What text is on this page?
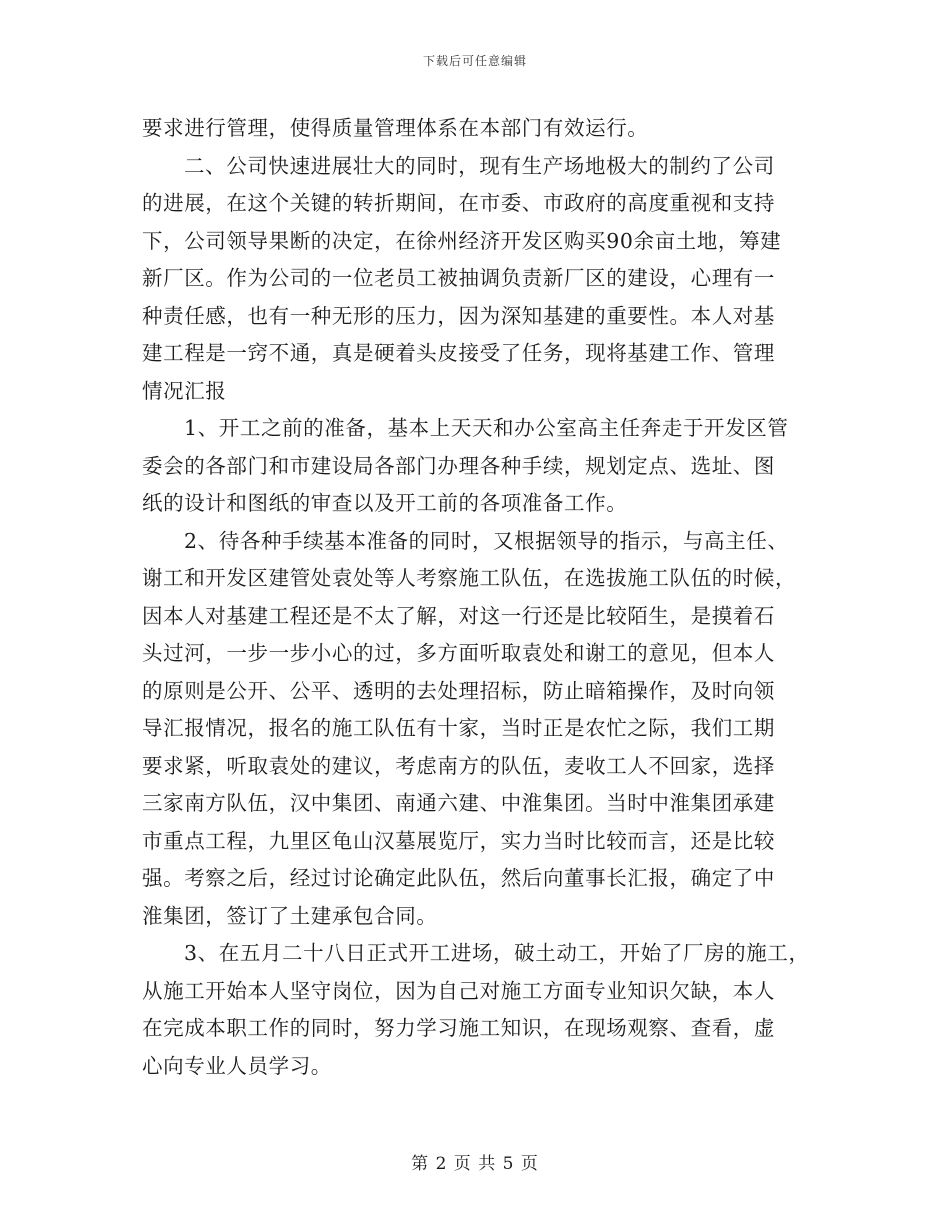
下载后可任意编辑
要求进行管理，使得质量管理体系在本部门有效运行。
二、公司快速进展壮大的同时，现有生产场地极大的制约了公司
的进展，在这个关键的转折期间，在市委、市政府的高度重视和支持
下，公司领导果断的决定，在徐州经济开发区购买90余亩土地，筹建
新厂区。作为公司的一位老员工被抽调负责新厂区的建设，心理有一
种责任感，也有一种无形的压力，因为深知基建的重要性。本人对基
建工程是一窍不通，真是硬着头皮接受了任务，现将基建工作、管理
情况汇报
1、开工之前的准备，基本上天天和办公室高主任奔走于开发区管
委会的各部门和市建设局各部门办理各种手续，规划定点、选址、图
纸的设计和图纸的审查以及开工前的各项准备工作。
2、待各种手续基本准备的同时，又根据领导的指示，与高主任、
谢工和开发区建管处袁处等人考察施工队伍，在选拔施工队伍的时候，
因本人对基建工程还是不太了解，对这一行还是比较陌生，是摸着石
头过河，一步一步小心的过，多方面听取袁处和谢工的意见，但本人
的原则是公开、公平、透明的去处理招标，防止暗箱操作，及时向领
导汇报情况，报名的施工队伍有十家，当时正是农忙之际，我们工期
要求紧，听取袁处的建议，考虑南方的队伍，麦收工人不回家，选择
三家南方队伍，汉中集团、南通六建、中淮集团。当时中淮集团承建
市重点工程，九里区龟山汉墓展览厅，实力当时比较而言，还是比较
强。考察之后，经过讨论确定此队伍，然后向董事长汇报，确定了中
淮集团，签订了土建承包合同。
3、在五月二十八日正式开工进场，破土动工，开始了厂房的施工，
从施工开始本人坚守岗位，因为自己对施工方面专业知识欠缺，本人
在完成本职工作的同时，努力学习施工知识，在现场观察、查看，虚
心向专业人员学习。
第 2 页 共 5 页
